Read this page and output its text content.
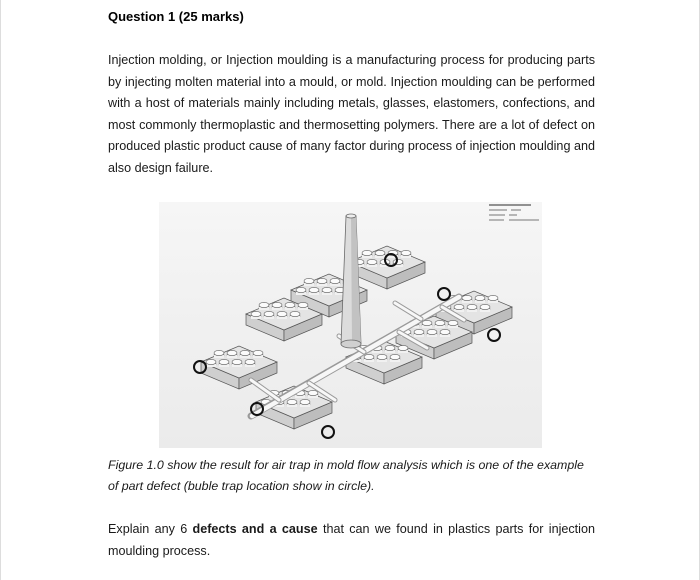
Question 1 (25 marks)
Injection molding, or Injection moulding is a manufacturing process for producing parts by injecting molten material into a mould, or mold. Injection moulding can be performed with a host of materials mainly including metals, glasses, elastomers, confections, and most commonly thermoplastic and thermosetting polymers. There are a lot of defect on produced plastic product cause of many factor during process of injection moulding and also design failure.
Figure 1.0 show the result for air trap in mold flow analysis which is one of the example of part defect (buble trap location show in circle).
Explain any 6 defects and a cause that can we found in plastics parts for injection moulding process.
